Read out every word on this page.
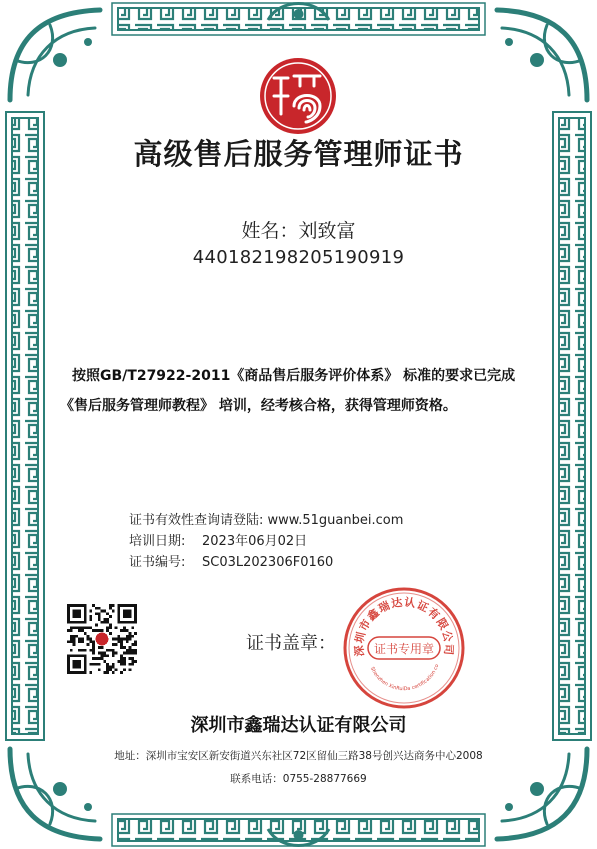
高级售后服务管理师证书
姓名：刘致富
440182198205190919

按照GB/T27922-2011《商品售后服务评价体系》 标准的要求已完成

《售后服务管理师教程》 培训，经考核合格，获得管理师资格。

证书有效性查询请登陆: www.51guanbei.com
培训日期: 2023年06月02日
证书编号: SC03L202306F0160
证书盖章： 深圳市鑫瑞达认证有限公司
证书专用章
Shenzhen XinRuiDa certification co
深圳市鑫瑞达认证有限公司
地址：深圳市宝安区新安街道兴东社区72区留仙三路38号创兴达商务中心2008
联系电话：0755-28877669
